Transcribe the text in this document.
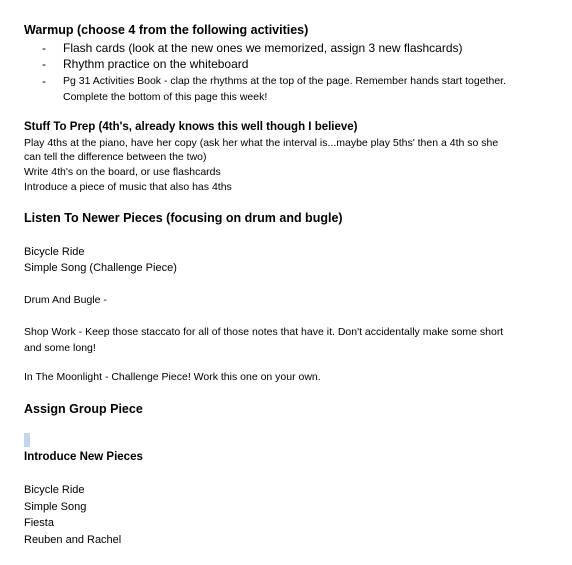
Warmup (choose 4 from the following activities)
- Flash cards (look at the new ones we memorized, assign 3 new flashcards)
- Rhythm practice on the whiteboard
- Pg 31 Activities Book - clap the rhythms at the top of the page. Remember hands start together.
Complete the bottom of this page this week!
Stuff To Prep (4th's, already knows this well though I believe)
Play 4ths at the piano, have her copy (ask her what the interval is...maybe play 5ths' then a 4th so she
can tell the difference between the two)
Write 4th's on the board, or use flashcards
Introduce a piece of music that also has 4ths
Listen To Newer Pieces (focusing on drum and bugle)
Bicycle Ride
Simple Song (Challenge Piece)
Drum And Bugle -
Shop Work - Keep those staccato for all of those notes that have it. Don't accidentally make some short
and some long!
In The Moonlight - Challenge Piece! Work this one on your own.
Assign Group Piece
Introduce New Pieces
Bicycle Ride
Simple Song
Fiesta
Reuben and Rachel
